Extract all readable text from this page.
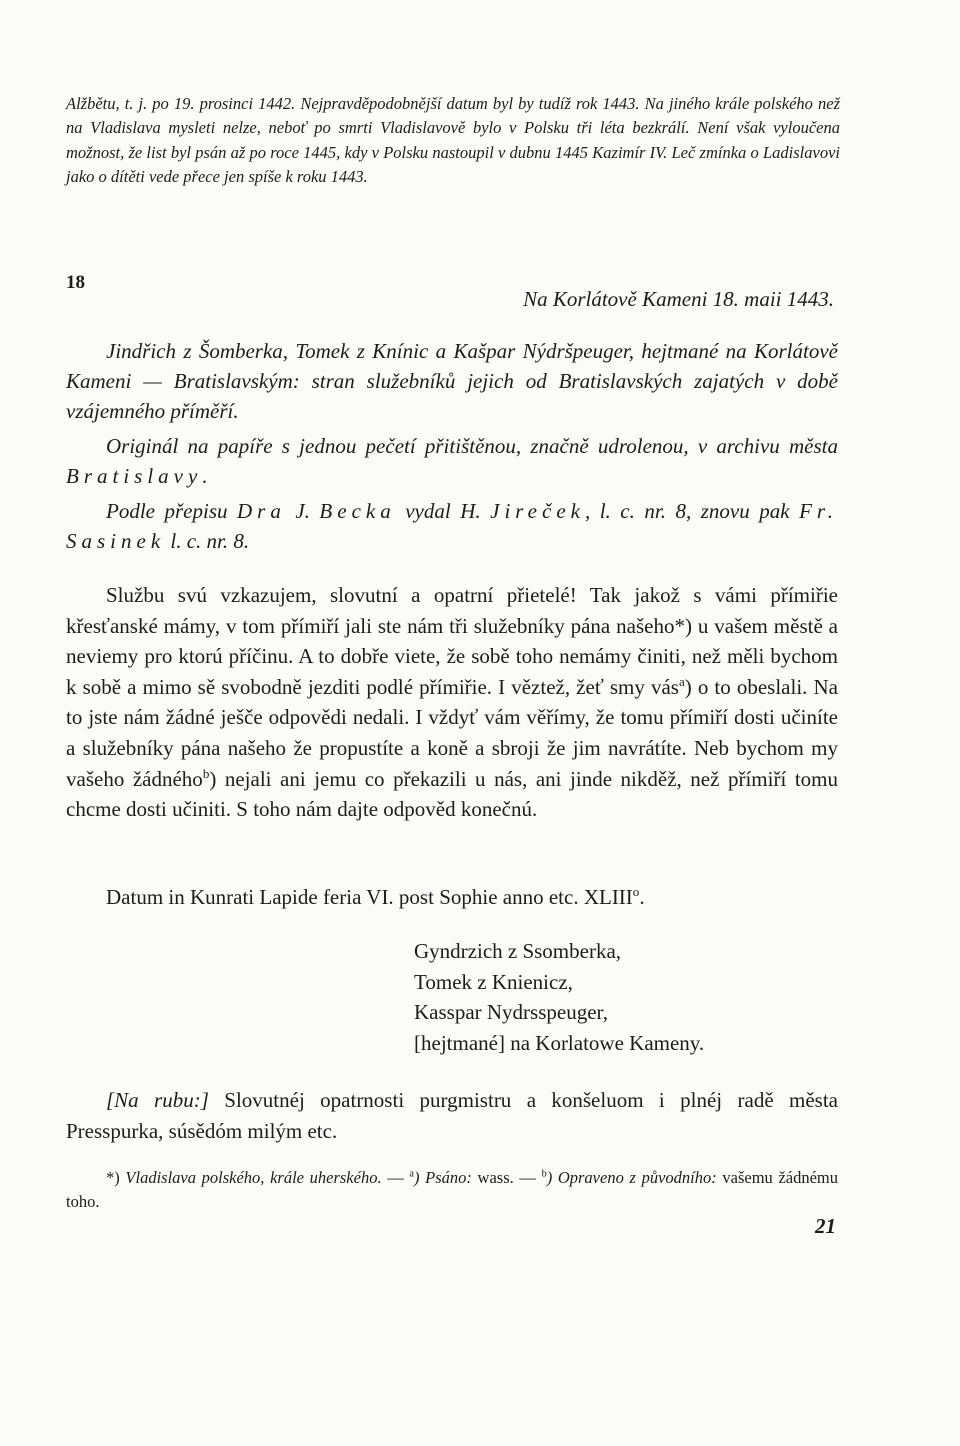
Alžbětu, t. j. po 19. prosinci 1442. Nejpravděpodobnější datum byl by tudíž rok 1443. Na jiného krále polského než na Vladislava mysleti nelze, neboť po smrti Vladislavově bylo v Polsku tři léta bezkrálí. Není však vyloučena možnost, že list byl psán až po roce 1445, kdy v Polsku nastoupil v dubnu 1445 Kazimír IV. Leč zmínka o Ladislavovi jako o dítěti vede přece jen spíše k roku 1443.

18
Na Korlátově Kameni 18. maii 1443.

Jindřich z Šomberka, Tomek z Knínic a Kašpar Nýdršpeuger, hejtmané na Korlátově Kameni — Bratislavským: stran služebníků jejich od Bratislavských zajatých v době vzájemného příměří.

Originál na papíře s jednou pečetí přitištěnou, značně udrolenou, v archivu města Bratislavy.

Podle přepisu Dra J. Becka vydal H. Jireček, l. c. nr. 8, znovu pak Fr. Sasinek l. c. nr. 8.

Službu svú vzkazujem, slovutní a opatrní přietelé! Tak jakož s vámi přímiřie křesťanské mámy, v tom přímiří jali ste nám tři služebníky pána našeho*) u vašem městě a neviemy pro ktorú příčinu. A to dobře viete, že sobě toho nemámy činiti, než měli bychom k sobě a mimo sě svobodně jezditi podlé přímiřie. I věztež, žeť smy vás$^a$) o to obeslali. Na to jste nám žádné ješče odpovědi nedali. I vždyť vám věřímy, že tomu přímiří dosti učiníte a služebníky pána našeho že propustíte a koně a sbroji že jim navrátíte. Neb bychom my vašeho žádného$^b$) nejali ani jemu co překazili u nás, ani jinde nikděž, než přímiří tomu chcme dosti učiniti. S toho nám dajte odpověd konečnú.

Datum in Kunrati Lapide feria VI. post Sophie anno etc. XLIII$^o$.
Gyndrzich z Ssomberka,
Tomek z Knienicz,
Kasspar Nydrsspeuger,
[hejtmané] na Korlatowe Kameny.

[Na rubu:] Slovutnéj opatrnosti purgmistru a konšeluom i plnéj radě města Presspurka, súsědóm milým etc.

*) Vladislava polského, krále uherského. — $^a$) Psáno: wass. — $^b$) Opraveno z původního: vašemu žádnému toho.

21
